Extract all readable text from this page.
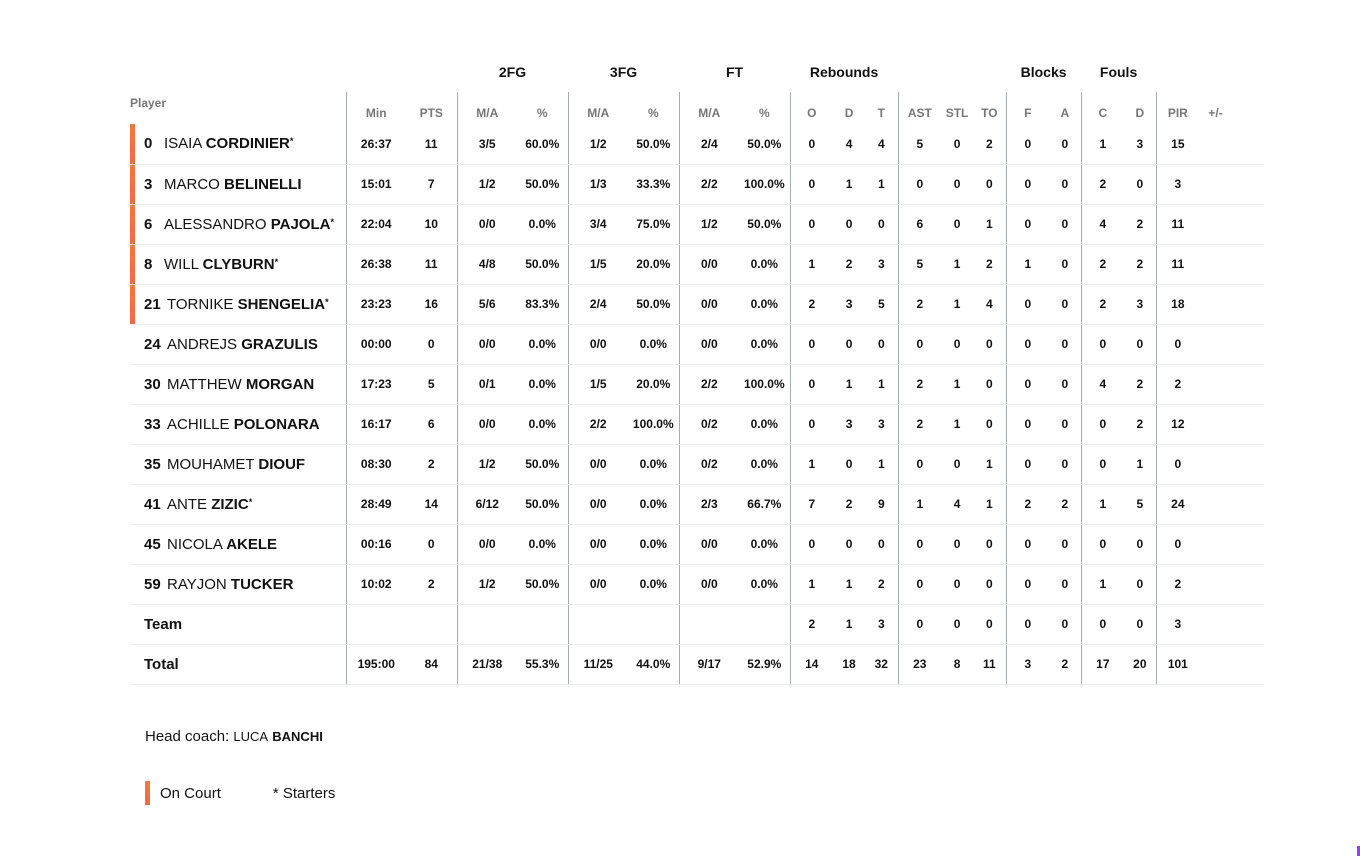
			2FG		3FG		FT		Rebounds						Blocks		Fouls				
Player	Min	PTS	M/A	%	M/A	%	M/A	%	O	D	T	AST	STL	TO	F	A	C	D	PIR	+/-	

0 ISAIA CORDINIER*	26:37	11	3/5	60.0%	1/2	50.0%	2/4	50.0%	0	4	4	5	0	2	0	0	1	3	15		

3 MARCO BELINELLI	15:01	7	1/2	50.0%	1/3	33.3%	2/2	100.0%	0	1	1	0	0	0	0	0	2	0	3		

6 ALESSANDRO PAJOLA*	22:04	10	0/0	0.0%	3/4	75.0%	1/2	50.0%	0	0	0	6	0	1	0	0	4	2	11		

8 WILL CLYBURN*	26:38	11	4/8	50.0%	1/5	20.0%	0/0	0.0%	1	2	3	5	1	2	1	0	2	2	11		

21 TORNIKE SHENGELIA*	23:23	16	5/6	83.3%	2/4	50.0%	0/0	0.0%	2	3	5	2	1	4	0	0	2	3	18		
24 ANDREJS GRAZULIS	00:00	0	0/0	0.0%	0/0	0.0%	0/0	0.0%	0	0	0	0	0	0	0	0	0	0	0		
30 MATTHEW MORGAN	17:23	5	0/1	0.0%	1/5	20.0%	2/2	100.0%	0	1	1	2	1	0	0	0	4	2	2		
33 ACHILLE POLONARA	16:17	6	0/0	0.0%	2/2	100.0%	0/2	0.0%	0	3	3	2	1	0	0	0	0	2	12		
35 MOUHAMET DIOUF	08:30	2	1/2	50.0%	0/0	0.0%	0/2	0.0%	1	0	1	0	0	1	0	0	0	1	0		
41 ANTE ZIZIC*	28:49	14	6/12	50.0%	0/0	0.0%	2/3	66.7%	7	2	9	1	4	1	2	2	1	5	24		
45 NICOLA AKELE	00:16	0	0/0	0.0%	0/0	0.0%	0/0	0.0%	0	0	0	0	0	0	0	0	0	0	0		
59 RAYJON TUCKER	10:02	2	1/2	50.0%	0/0	0.0%	0/0	0.0%	1	1	2	0	0	0	0	0	1	0	2		
Team									2	1	3	0	0	0	0	0	0	0	3		
Total	195:00	84	21/38	55.3%	11/25	44.0%	9/17	52.9%	14	18	32	23	8	11	3	2	17	20	101		
Head coach: LUCA BANCHI
On Court	* Starters
